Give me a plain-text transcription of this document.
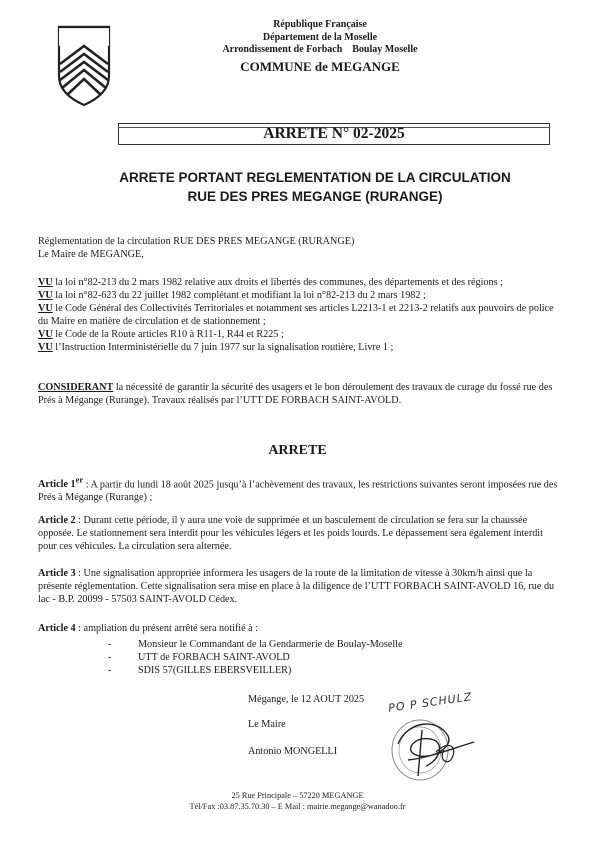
République Française
Département de la Moselle
Arrondissement de Forbach    Boulay Moselle
COMMUNE de MEGANGE
ARRETE N° 02-2025
ARRETE PORTANT REGLEMENTATION DE LA CIRCULATION
RUE DES PRES MEGANGE (RURANGE)

Réglementation de la circulation RUE DES PRES MEGANGE (RURANGE)

Le Maire de MEGANGE,

VU la loi n°82-213 du 2 mars 1982 relative aux droits et libertés des communes, des départements et des régions ;

VU la loi n°82-623 du 22 juillet 1982 complétant et modifiant la loi n°82-213 du 2 mars 1982 ;

VU le Code Général des Collectivités Territoriales et notamment ses articles L2213-1 et 2213-2 relatifs aux pouvoirs de police du Maire en matière de circulation et de stationnement ;

VU le Code de la Route articles R10 à R11-1, R44 et R225 ;

VU l’Instruction Interministérielle du 7 juin 1977 sur la signalisation routière, Livre 1 ;

CONSIDERANT la nécessité de garantir la sécurité des usagers et le bon déroulement des travaux de curage du fossé rue des Prés à Mégange (Rurange). Travaux réalisés par l’UTT DE FORBACH SAINT-AVOLD.

ARRETE

Article 1er : A partir du lundi 18 août 2025 jusqu’à l’achèvement des travaux, les restrictions suivantes seront imposées rue des Prés à Mégange (Rurange) ;

Article 2 : Durant cette période, il y aura une voie de supprimée et un basculement de circulation se fera sur la chaussée opposée. Le stationnement sera interdit pour les véhicules légers et les poids lourds. Le dépassement sera également interdit pour ces véhicules. La circulation sera alternée.

Article 3 : Une signalisation appropriée informera les usagers de la route de la limitation de vitesse à 30km/h ainsi que la présente réglementation. Cette signalisation sera mise en place à la diligence de l’UTT FORBACH SAINT-AVOLD 16, rue du lac - B.P. 20099 - 57503 SAINT-AVOLD Cédex.

Article 4 : ampliation du présent arrêté sera notifié à :

-	Monsieur le Commandant de la Gendarmerie de Boulay-Moselle
-	UTT de FORBACH SAINT-AVOLD
-	SDIS 57(GILLES EBERSVEILLER)
Mégange, le 12 AOUT 2025
Le Maire
Antonio MONGELLI
PO P SCHULZ
25 Rue Principale – 57220 MEGANGE
Tél/Fax :03.87.35.70.30 – E Mail : mairie.megange@wanadoo.fr
